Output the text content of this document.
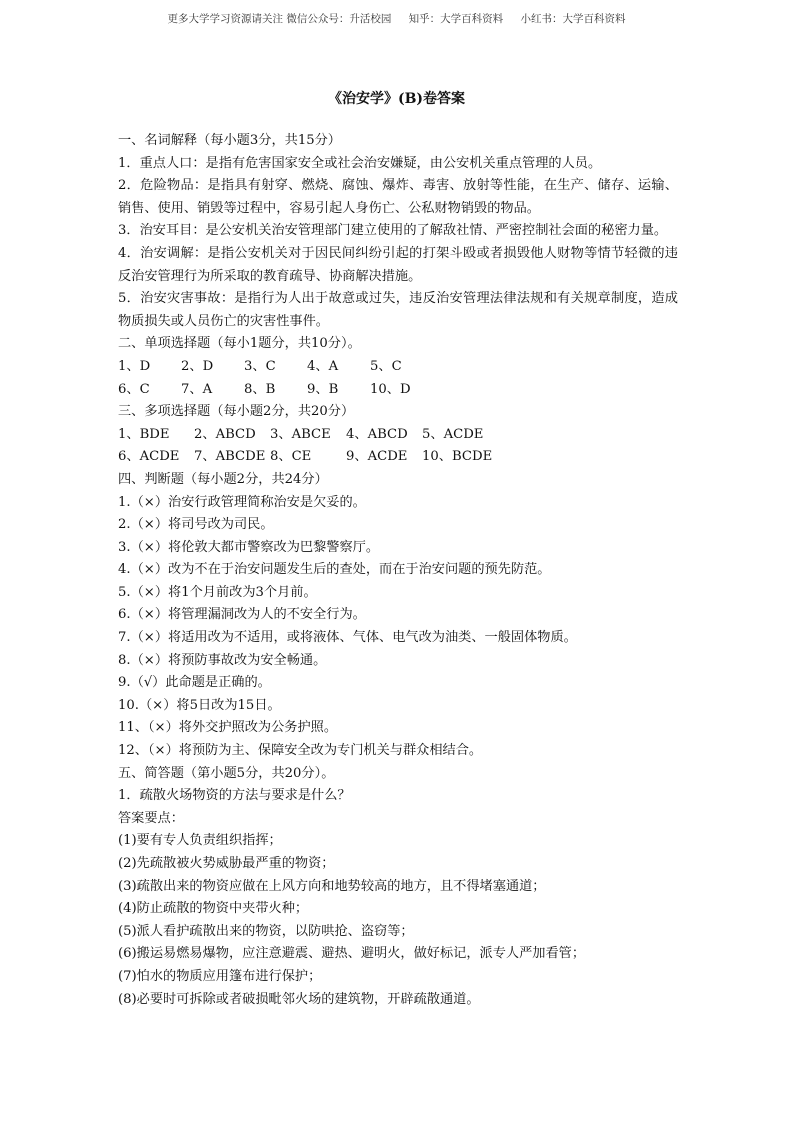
更多大学学习资源请关注 微信公众号：升活校园 知乎：大学百科资料 小红书：大学百科资料
《治安学》(B)卷答案
一、名词解释（每小题3分，共15分）
1．重点人口：是指有危害国家安全或社会治安嫌疑，由公安机关重点管理的人员。
2．危险物品：是指具有射穿、燃烧、腐蚀、爆炸、毒害、放射等性能，在生产、储存、运输、销售、使用、销毁等过程中，容易引起人身伤亡、公私财物销毁的物品。
3．治安耳目：是公安机关治安管理部门建立使用的了解敌社情、严密控制社会面的秘密力量。
4．治安调解：是指公安机关对于因民间纠纷引起的打架斗殴或者损毁他人财物等情节轻微的违反治安管理行为所采取的教育疏导、协商解决措施。
5．治安灾害事故：是指行为人出于故意或过失，违反治安管理法律法规和有关规章制度，造成物质损失或人员伤亡的灾害性事件。
二、单项选择题（每小1题分，共10分）。
1、D	2、D	3、C	4、A	5、C
6、C	7、A	8、B	9、B	10、D
三、多项选择题（每小题2分，共20分）
1、BDE	2、ABCD	3、ABCE	4、ABCD	5、ACDE
6、ACDE	7、ABCDE 8、CE	9、ACDE	10、BCDE
四、判断题（每小题2分，共24分）
1.（×）治安行政管理简称治安是欠妥的。
2.（×）将司号改为司民。
3.（×）将伦敦大都市警察改为巴黎警察厅。
4.（×）改为不在于治安问题发生后的查处，而在于治安问题的预先防范。
5.（×）将1个月前改为3个月前。
6.（×）将管理漏洞改为人的不安全行为。
7.（×）将适用改为不适用，或将液体、气体、电气改为油类、一般固体物质。
8.（×）将预防事故改为安全畅通。
9.（√）此命题是正确的。
10.（×）将5日改为15日。
11、（×）将外交护照改为公务护照。
12、（×）将预防为主、保障安全改为专门机关与群众相结合。
五、简答题（第小题5分，共20分）。
1．疏散火场物资的方法与要求是什么？
答案要点：
(1)要有专人负责组织指挥；
(2)先疏散被火势威胁最严重的物资；
(3)疏散出来的物资应做在上风方向和地势较高的地方，且不得堵塞通道；
(4)防止疏散的物资中夹带火种；
(5)派人看护疏散出来的物资，以防哄抢、盗窃等；
(6)搬运易燃易爆物，应注意避震、避热、避明火，做好标记，派专人严加看管；
(7)怕水的物质应用篷布进行保护；
(8)必要时可拆除或者破损毗邻火场的建筑物，开辟疏散通道。
